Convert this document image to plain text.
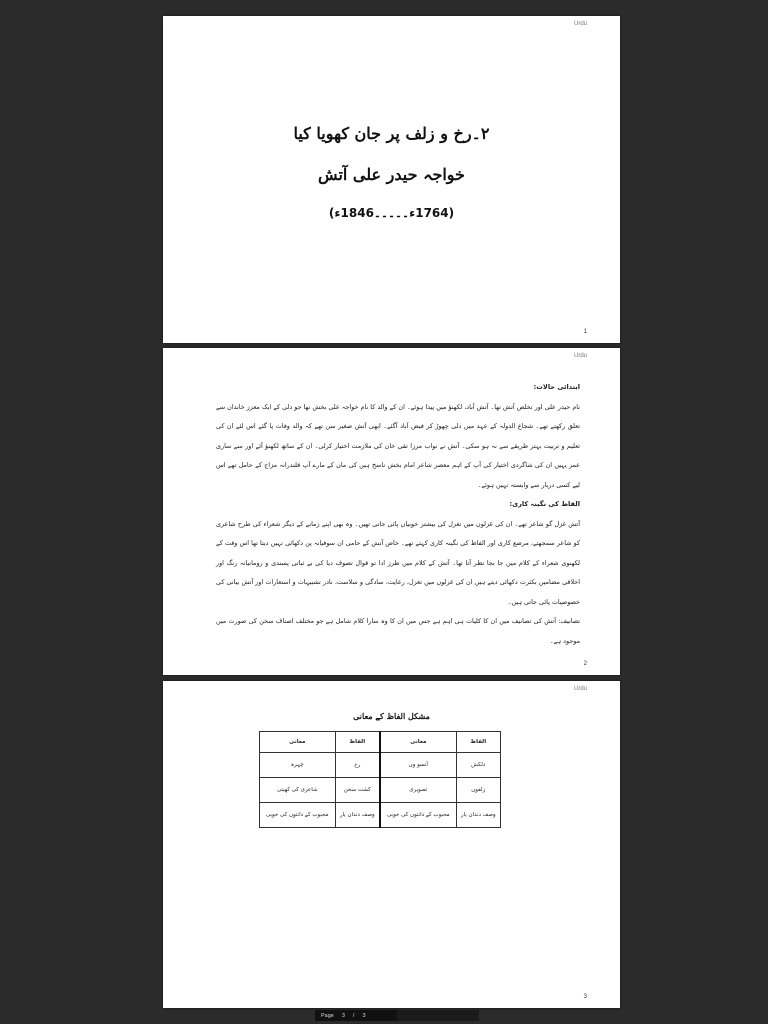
Urdu

۲۔رخ و زلف پر جان کھویا کیا

خواجہ حیدر علی آتش

(1764ء۔۔۔۔۔1846ء)

1
Urdu
ابتدائی حالات:

نام حیدر علی اور تخلص آتش تھا۔ آتش آباد، لکھنؤ میں پیدا ہوئے۔ ان کے والد کا نام خواجہ علی بخش تھا جو دلی کے ایک معزز خاندان سے تعلق رکھتے تھے۔ شجاع الدولہ کے عہد میں دلی چھوڑ کر فیض آباد آگئے۔ ابھی آتش صغیر سن تھے کہ والد وفات پا گئے اس لئے ان کی تعلیم و تربیت بہتر طریقے سے نہ ہو سکی۔ آتش نے نواب مرزا تقی خان کی ملازمت اختیار کرلی۔ ان کے ساتھ لکھنؤ آئے اور سے ساری عمر یہیں ان کی شاگردی اختیار کی آپ کے اہم معصر شاعر امام بخش ناسخ ہیں کی ماں کے مارے آپ قلندرانہ مزاج کے حامل تھے اس لیے کسی دربار سے وابستہ نہیں ہوئے۔

الفاظ کی نگینہ کاری:

آتش غزل گو شاعر تھے۔ ان کی غزلوں میں تغزل کی بیشتر خوبیاں پائی جاتی تھیں۔ وہ بھی اپنے زمانے کے دیگر شعراء کی طرح شاعری کو شاعر سمجھتے، مرصع کاری اور الفاظ کی نگینہ کاری کہتے تھے۔ خاص آتش کے حامی ان سوفیانہ پن دکھائی نہیں دیتا تھا اس وقت کے لکھنوی شعراء کے کلام میں جا بجا نظر آتا تھا۔ آتش کے کلام میں طرز ادا تو قوال تصوف دیا کی بے ثباتی پسندی و رومانیانہ رنگ اور اخلاقی مضامین بکثرت دکھائی دیتے ہیں ان کی غزلوں میں تغزل، رعایت، سادگی و سلاست، نادر تشبیہات و استعارات اور آتش بیانی کی خصوصیات پائی جاتی ہیں۔

تصانیف: آتش کی تصانیف میں ان کا کلیات ہی اہم ہے جس میں ان کا وہ سارا کلام شامل ہے جو مختلف اصناف سخن کی صورت میں موجود ہے۔

2
Urdu
مشکل الفاظ کے معانی
الفاظ	معانی	الفاظ	معانی
دلکش	آنسو وں	رخ	چہرہ
زلفوں	تصویری	کشت سخن	شاعری کی کھیتی
وصف دندان یار	محبوب کے دانتوں کی خوبی	وصف دندان یار	محبوب کے دانتوں کی خوبی
3
Page 3 / 3
